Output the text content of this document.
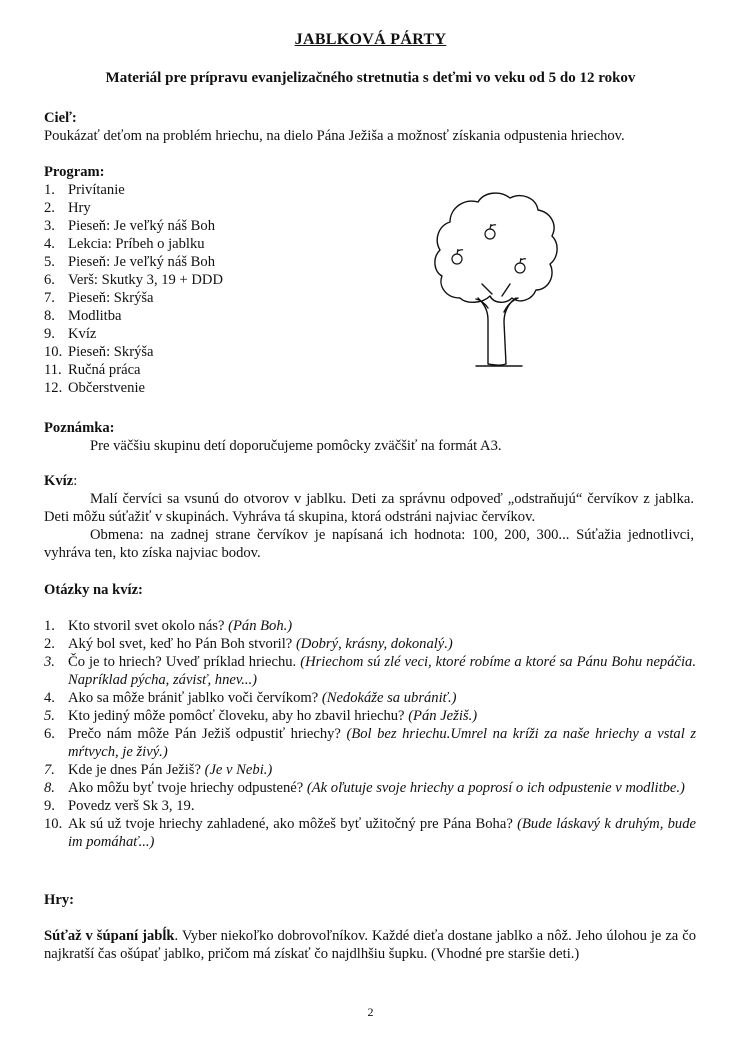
JABLKOVÁ PÁRTY
Materiál pre prípravu evanjelizačného stretnutia s deťmi vo veku od 5 do 12 rokov
Cieľ:
Poukázať deťom na problém hriechu, na dielo Pána Ježiša a možnosť získania odpustenia hriechov.
Program:
1. Privítanie
2. Hry
3. Pieseň: Je veľký náš Boh
4. Lekcia: Príbeh o jablku
5. Pieseň: Je veľký náš Boh
6. Verš: Skutky 3, 19 + DDD
7. Pieseň: Skrýša
8. Modlitba
9. Kvíz
10. Pieseň: Skrýša
11. Ručná práca
12. Občerstvenie
Poznámka:
Pre väčšiu skupinu detí doporučujeme pomôcky zväčšiť na formát A3.
Kvíz:
Malí červíci sa vsunú do otvorov v jablku. Deti za správnu odpoveď „odstraňujú“ červíkov z jablka. Deti môžu súťažiť v skupinách. Vyhráva tá skupina, ktorá odstráni najviac červíkov.
Obmena: na zadnej strane červíkov je napísaná ich hodnota: 100, 200, 300... Súťažia jednotlivci, vyhráva ten, kto získa najviac bodov.
Otázky na kvíz:
1. Kto stvoril svet okolo nás? (Pán Boh.)
2. Aký bol svet, keď ho Pán Boh stvoril? (Dobrý, krásny, dokonalý.)
3. Čo je to hriech? Uveď príklad hriechu. (Hriechom sú zlé veci, ktoré robíme a ktoré sa Pánu Bohu nepáčia. Napríklad pýcha, závisť, hnev...)
4. Ako sa môže brániť jablko voči červíkom? (Nedokáže sa ubrániť.)
5. Kto jediný môže pomôcť človeku, aby ho zbavil hriechu? (Pán Ježiš.)
6. Prečo nám môže Pán Ježiš odpustiť hriechy? (Bol bez hriechu.Umrel na kríži za naše hriechy a vstal z mŕtvych, je živý.)
7. Kde je dnes Pán Ježiš? (Je v Nebi.)
8. Ako môžu byť tvoje hriechy odpustené? (Ak oľutuje svoje hriechy a poprosí o ich odpustenie v modlitbe.)
9. Povedz verš Sk 3, 19.
10. Ak sú už tvoje hriechy zahladené, ako môžeš byť užitočný pre Pána Boha? (Bude láskavý k druhým, bude im pomáhať...)
Hry:
Súťaž v šúpaní jabĺk. Vyber niekoľko dobrovoľníkov. Každé dieťa dostane jablko a nôž. Jeho úlohou je za čo najkratší čas ošúpať jablko, pričom má získať čo najdlhšiu šupku. (Vhodné pre staršie deti.)
2
